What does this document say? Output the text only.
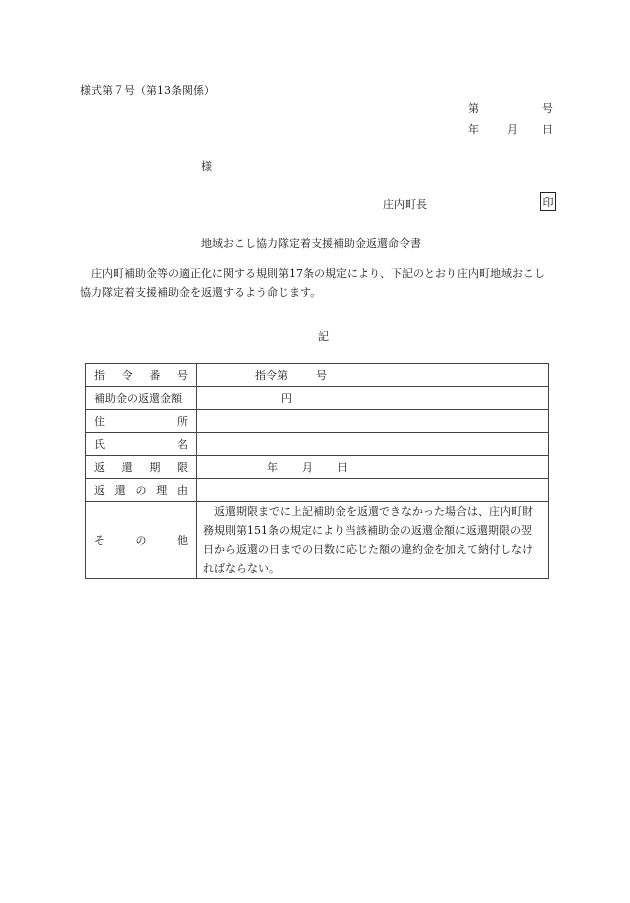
様式第７号（第13条関係）
第	号
年	月 日
様
庄内町長	印
地域おこし協力隊定着支援補助金返還命令書
庄内町補助金等の適正化に関する規則第17条の規定により、下記のとおり庄内町地域おこし協力隊定着支援補助金を返還するよう命じます。
記
指 令 番 号	指令第 号
補助金の返還金額	円

住 所	

氏 名	

返 還 期 限	年 月 日

返 還 の 理 由	

そ の 他	返還期限までに上記補助金を返還できなかった場合は、庄内町財務規則第151条の規定により当該補助金の返還金額に返還期限の翌日から返還の日までの日数に応じた額の違約金を加えて納付しなければならない。
